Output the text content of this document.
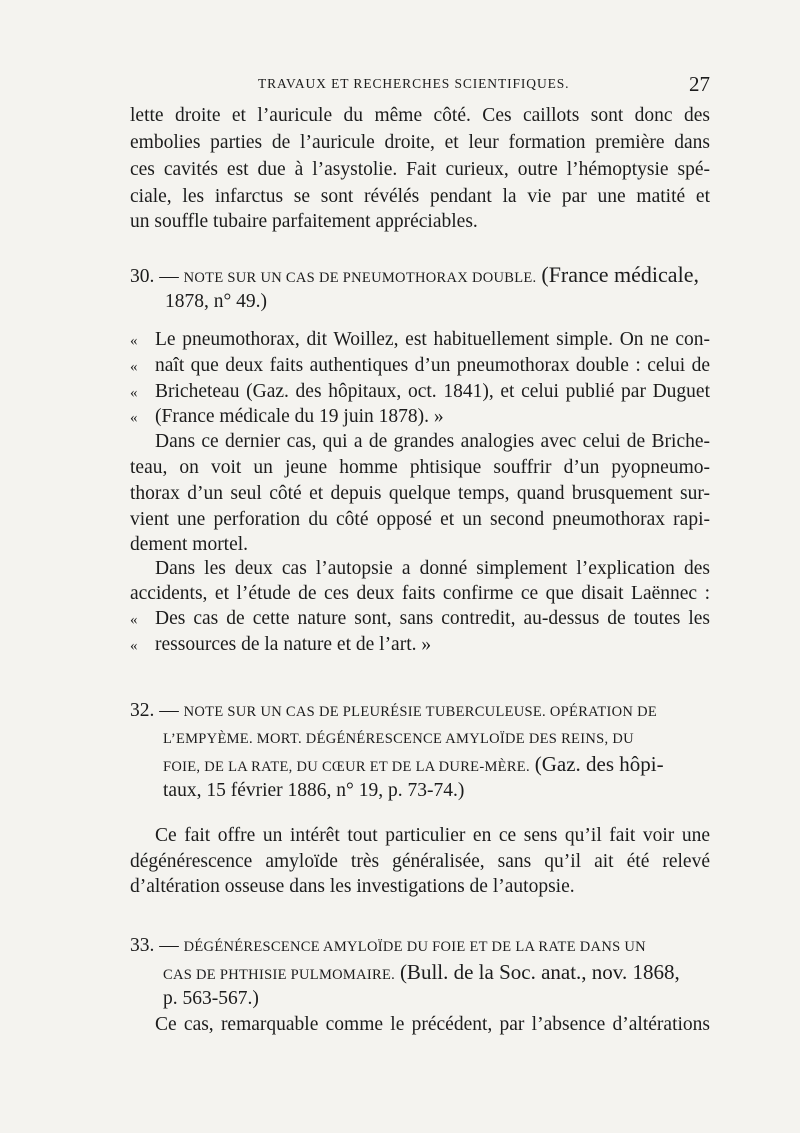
TRAVAUX ET RECHERCHES SCIENTIFIQUES.	27
lette droite et l’auricule du même côté. Ces caillots sont donc des
embolies parties de l’auricule droite, et leur formation première dans
ces cavités est due à l’asystolie. Fait curieux, outre l’hémoptysie spé-
ciale, les infarctus se sont révélés pendant la vie par une matité et
un souffle tubaire parfaitement appréciables.
30. — NOTE SUR UN CAS DE PNEUMOTHORAX DOUBLE. (France médicale,
1878, n° 49.)
« Le pneumothorax, dit Woillez, est habituellement simple. On ne con-
« naît que deux faits authentiques d’un pneumothorax double : celui de
« Bricheteau (Gaz. des hôpitaux, oct. 1841), et celui publié par Duguet
« (France médicale du 19 juin 1878). »
Dans ce dernier cas, qui a de grandes analogies avec celui de Briche-
teau, on voit un jeune homme phtisique souffrir d’un pyopneumo-
thorax d’un seul côté et depuis quelque temps, quand brusquement sur-
vient une perforation du côté opposé et un second pneumothorax rapi-
dement mortel.
Dans les deux cas l’autopsie a donné simplement l’explication des
accidents, et l’étude de ces deux faits confirme ce que disait Laënnec :
« Des cas de cette nature sont, sans contredit, au-dessus de toutes les
« ressources de la nature et de l’art. »
32. — NOTE SUR UN CAS DE PLEURÉSIE TUBERCULEUSE. OPÉRATION DE
L’EMPYÈME. MORT. DÉGÉNÉRESCENCE AMYLOÏDE DES REINS, DU
FOIE, DE LA RATE, DU CŒUR ET DE LA DURE-MÈRE. (Gaz. des hôpi-
taux, 15 février 1886, n° 19, p. 73-74.)
Ce fait offre un intérêt tout particulier en ce sens qu’il fait voir une
dégénérescence amyloïde très généralisée, sans qu’il ait été relevé
d’altération osseuse dans les investigations de l’autopsie.
33. — DÉGÉNÉRESCENCE AMYLOÏDE DU FOIE ET DE LA RATE DANS UN
CAS DE PHTHISIE PULMOMAIRE. (Bull. de la Soc. anat., nov. 1868,
p. 563-567.)
Ce cas, remarquable comme le précédent, par l’absence d’altérations
